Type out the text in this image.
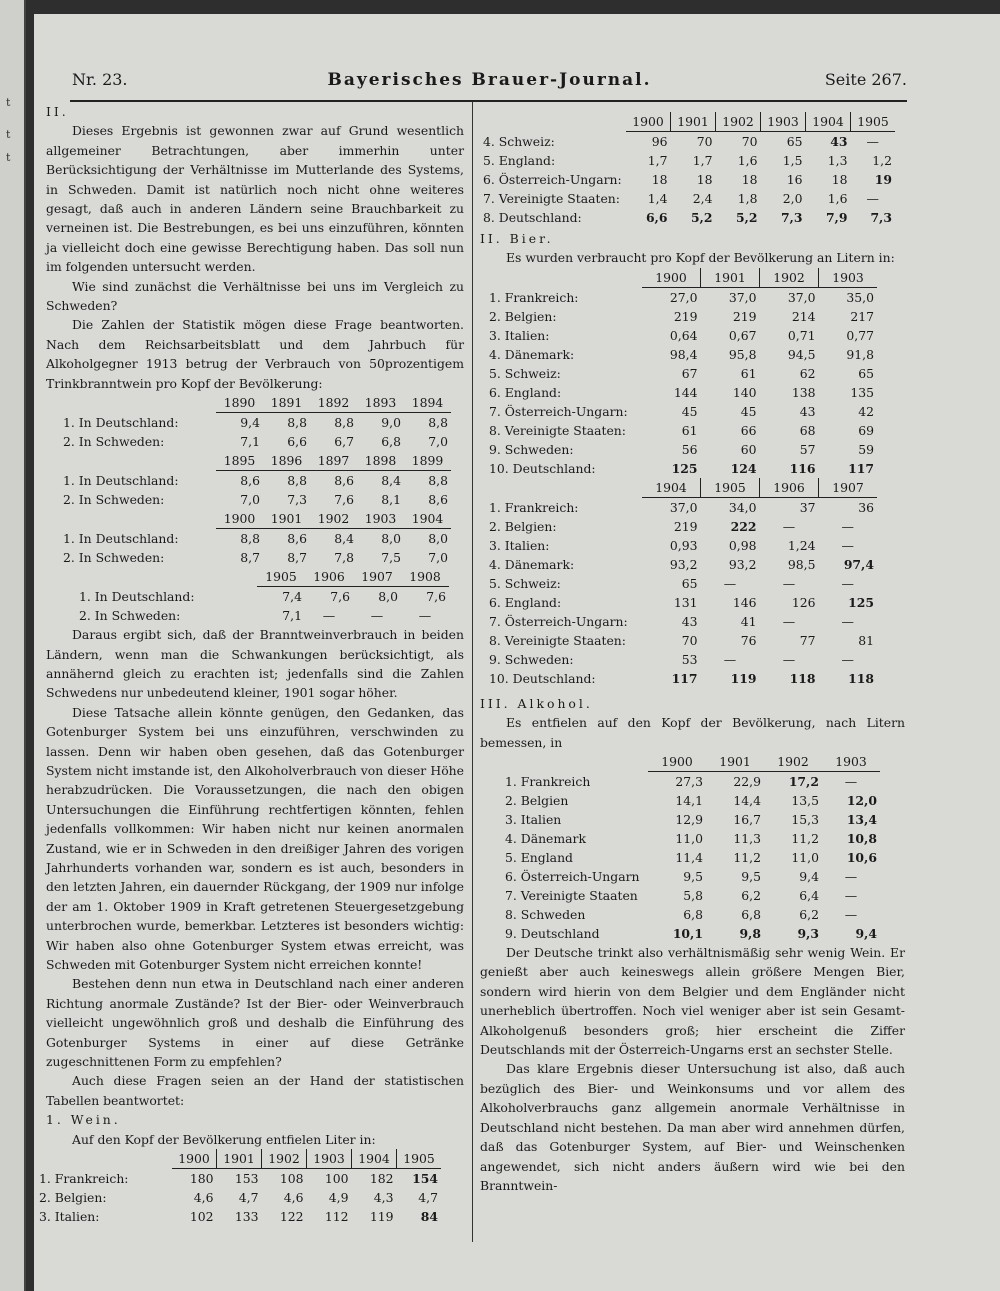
t
t
t
Nr. 23.	Bayerisches Brauer-Journal.	Seite 267.

II.

Dieses Ergebnis ist gewonnen zwar auf Grund wesentlich allgemeiner Betrachtungen, aber immerhin unter Berücksichtigung der Verhältnisse im Mutterlande des Systems, in Schweden. Damit ist natürlich noch nicht ohne weiteres gesagt, daß auch in anderen Ländern seine Brauchbarkeit zu verneinen ist. Die Bestrebungen, es bei uns einzuführen, könnten ja vielleicht doch eine gewisse Berechtigung haben. Das soll nun im folgenden untersucht werden.

Wie sind zunächst die Verhältnisse bei uns im Vergleich zu Schweden?

Die Zahlen der Statistik mögen diese Frage beantworten. Nach dem Reichsarbeitsblatt und dem Jahrbuch für Alkoholgegner 1913 betrug der Verbrauch von 50prozentigem Trinkbranntwein pro Kopf der Bevölkerung:

	1890	1891	1892	1893	1894
1. In Deutschland:	9,4	8,8	8,8	9,0	8,8
2. In Schweden:	7,1	6,6	6,7	6,8	7,0
	1895	1896	1897	1898	1899
1. In Deutschland:	8,6	8,8	8,6	8,4	8,8
2. In Schweden:	7,0	7,3	7,6	8,1	8,6
	1900	1901	1902	1903	1904
1. In Deutschland:	8,8	8,6	8,4	8,0	8,0
2. In Schweden:	8,7	8,7	7,8	7,5	7,0
	1905	1906	1907	1908
1. In Deutschland:	7,4	7,6	8,0	7,6
2. In Schweden:	7,1	—	—	—

Daraus ergibt sich, daß der Branntweinverbrauch in beiden Ländern, wenn man die Schwankungen berücksichtigt, als annähernd gleich zu erachten ist; jedenfalls sind die Zahlen Schwedens nur unbedeutend kleiner, 1901 sogar höher.

Diese Tatsache allein könnte genügen, den Gedanken, das Gotenburger System bei uns einzuführen, verschwinden zu lassen. Denn wir haben oben gesehen, daß das Gotenburger System nicht imstande ist, den Alkoholverbrauch von dieser Höhe herabzudrücken. Die Voraussetzungen, die nach den obigen Untersuchungen die Einführung rechtfertigen könnten, fehlen jedenfalls vollkommen: Wir haben nicht nur keinen anormalen Zustand, wie er in Schweden in den dreißiger Jahren des vorigen Jahrhunderts vorhanden war, sondern es ist auch, besonders in den letzten Jahren, ein dauernder Rückgang, der 1909 nur infolge der am 1. Oktober 1909 in Kraft getretenen Steuergesetzgebung unterbrochen wurde, bemerkbar. Letzteres ist besonders wichtig: Wir haben also ohne Gotenburger System etwas erreicht, was Schweden mit Gotenburger System nicht erreichen konnte!

Bestehen denn nun etwa in Deutschland nach einer anderen Richtung anormale Zustände? Ist der Bier- oder Weinverbrauch vielleicht ungewöhnlich groß und deshalb die Einführung des Gotenburger Systems in einer auf diese Getränke zugeschnittenen Form zu empfehlen?

Auch diese Fragen seien an der Hand der statistischen Tabellen beantwortet:

1. Wein.

Auf den Kopf der Bevölkerung entfielen Liter in:

	1900	1901	1902	1903	1904	1905
1. Frankreich:	180	153	108	100	182	154
2. Belgien:	4,6	4,7	4,6	4,9	4,3	4,7
3. Italien:	102	133	122	112	119	84
	1900	1901	1902	1903	1904	1905
4. Schweiz:	96	70	70	65	43	—
5. England:	1,7	1,7	1,6	1,5	1,3	1,2
6. Österreich-Ungarn:	18	18	18	16	18	19
7. Vereinigte Staaten:	1,4	2,4	1,8	2,0	1,6	—
8. Deutschland:	6,6	5,2	5,2	7,3	7,9	7,3

II. Bier.

Es wurden verbraucht pro Kopf der Bevölkerung an Litern in:

	1900	1901	1902	1903
1. Frankreich:	27,0	37,0	37,0	35,0
2. Belgien:	219	219	214	217
3. Italien:	0,64	0,67	0,71	0,77
4. Dänemark:	98,4	95,8	94,5	91,8
5. Schweiz:	67	61	62	65
6. England:	144	140	138	135
7. Österreich-Ungarn:	45	45	43	42
8. Vereinigte Staaten:	61	66	68	69
9. Schweden:	56	60	57	59
10. Deutschland:	125	124	116	117
	1904	1905	1906	1907
1. Frankreich:	37,0	34,0	37	36
2. Belgien:	219	222	—	—
3. Italien:	0,93	0,98	1,24	—
4. Dänemark:	93,2	93,2	98,5	97,4
5. Schweiz:	65	—	—	—
6. England:	131	146	126	125
7. Österreich-Ungarn:	43	41	—	—
8. Vereinigte Staaten:	70	76	77	81
9. Schweden:	53	—	—	—
10. Deutschland:	117	119	118	118

III. Alkohol.

Es entfielen auf den Kopf der Bevölkerung, nach Litern bemessen, in

	1900	1901	1902	1903
1. Frankreich	27,3	22,9	17,2	—
2. Belgien	14,1	14,4	13,5	12,0
3. Italien	12,9	16,7	15,3	13,4
4. Dänemark	11,0	11,3	11,2	10,8
5. England	11,4	11,2	11,0	10,6
6. Österreich-Ungarn	9,5	9,5	9,4	—
7. Vereinigte Staaten	5,8	6,2	6,4	—
8. Schweden	6,8	6,8	6,2	—
9. Deutschland	10,1	9,8	9,3	9,4

Der Deutsche trinkt also verhältnismäßig sehr wenig Wein. Er genießt aber auch keineswegs allein größere Mengen Bier, sondern wird hierin von dem Belgier und dem Engländer nicht unerheblich übertroffen. Noch viel weniger aber ist sein Gesamt-Alkoholgenuß besonders groß; hier erscheint die Ziffer Deutschlands mit der Österreich-Ungarns erst an sechster Stelle.

Das klare Ergebnis dieser Untersuchung ist also, daß auch bezüglich des Bier- und Weinkonsums und vor allem des Alkoholverbrauchs ganz allgemein anormale Verhältnisse in Deutschland nicht bestehen. Da man aber wird annehmen dürfen, daß das Gotenburger System, auf Bier- und Weinschenken angewendet, sich nicht anders äußern wird wie bei den Branntwein-
